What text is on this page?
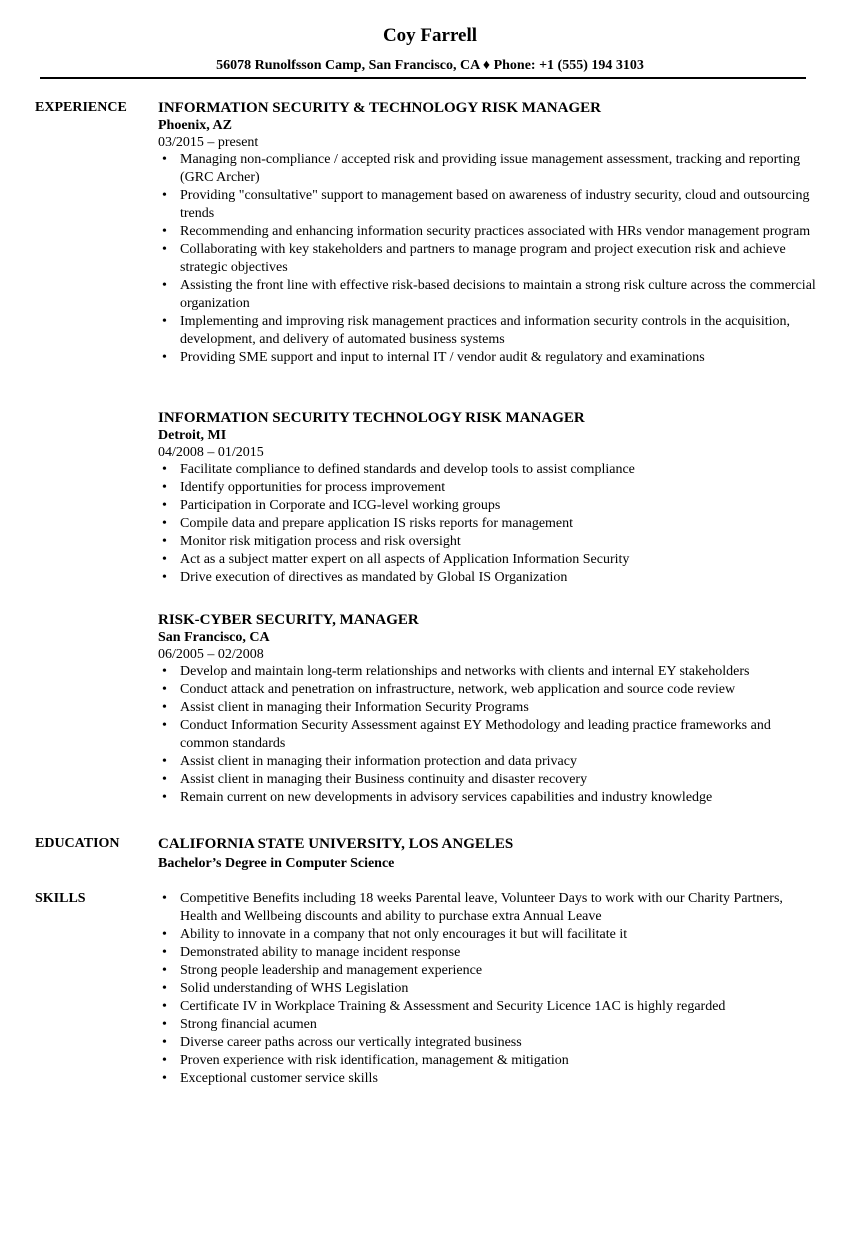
Coy Farrell
56078 Runolfsson Camp, San Francisco, CA ♦ Phone: +1 (555) 194 3103
EXPERIENCE INFORMATION SECURITY & TECHNOLOGY RISK MANAGER
Phoenix, AZ
03/2015 – present
• Managing non-compliance / accepted risk and providing issue management assessment, tracking and reporting (GRC Archer)
• Providing "consultative" support to management based on awareness of industry security, cloud and outsourcing trends
• Recommending and enhancing information security practices associated with HRs vendor management program
• Collaborating with key stakeholders and partners to manage program and project execution risk and achieve strategic objectives
• Assisting the front line with effective risk-based decisions to maintain a strong risk culture across the commercial organization
• Implementing and improving risk management practices and information security controls in the acquisition, development, and delivery of automated business systems
• Providing SME support and input to internal IT / vendor audit & regulatory and examinations
INFORMATION SECURITY TECHNOLOGY RISK MANAGER
Detroit, MI
04/2008 – 01/2015
• Facilitate compliance to defined standards and develop tools to assist compliance
• Identify opportunities for process improvement
• Participation in Corporate and ICG-level working groups
• Compile data and prepare application IS risks reports for management
• Monitor risk mitigation process and risk oversight
• Act as a subject matter expert on all aspects of Application Information Security
• Drive execution of directives as mandated by Global IS Organization
RISK-CYBER SECURITY, MANAGER
San Francisco, CA
06/2005 – 02/2008
• Develop and maintain long-term relationships and networks with clients and internal EY stakeholders
• Conduct attack and penetration on infrastructure, network, web application and source code review
• Assist client in managing their Information Security Programs
• Conduct Information Security Assessment against EY Methodology and leading practice frameworks and common standards
• Assist client in managing their information protection and data privacy
• Assist client in managing their Business continuity and disaster recovery
• Remain current on new developments in advisory services capabilities and industry knowledge
EDUCATION	CALIFORNIA STATE UNIVERSITY, LOS ANGELES
Bachelor’s Degree in Computer Science
SKILLS
•	Competitive Benefits including 18 weeks Parental leave, Volunteer Days to work with our Charity Partners, Health and Wellbeing discounts and ability to purchase extra Annual Leave
• Ability to innovate in a company that not only encourages it but will facilitate it
• Demonstrated ability to manage incident response
• Strong people leadership and management experience
• Solid understanding of WHS Legislation
• Certificate IV in Workplace Training & Assessment and Security Licence 1AC is highly regarded
• Strong financial acumen
• Diverse career paths across our vertically integrated business
• Proven experience with risk identification, management & mitigation
• Exceptional customer service skills
